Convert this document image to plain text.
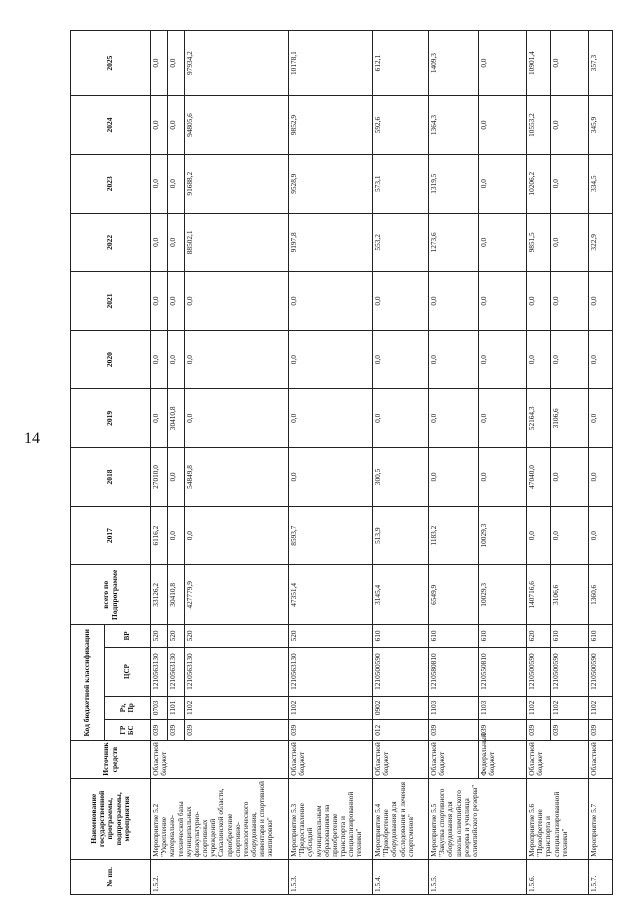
14
№ пп.	Наименование государственной программы, подпрограммы, мероприятия	Источник средств	Код бюджетной классификации				всего по Подпрограмме	2017	2018	2019	2020	2021	2022	2023	2024	2025
			ГР БС	Рз, Пр	ЦСР	ВР										
1.5.2.	Мероприятие 5.2 "Укрепление материально-технической базы муниципальных физкультурно-спортивных учреждений Сахалинской области, приобретение спортивно-технологического оборудования, инвентаря и спортивной экипировки"	Областной бюджет	039	0703	1210563130	520	33126,2	6116,2	27010,0	0,0	0,0	0,0	0,0	0,0	0,0	0,0
			039	1101	1210563130	520	30410,8	0,0	0,0	30410,8	0,0	0,0	0,0	0,0	0,0	0,0
			039	1102	1210563130	520	427779,9	0,0	54849,8	0,0	0,0	0,0	88502,1	91688,2	94805,6	97934,2
1.5.3.	Мероприятие 5.3 "Предоставление субсидий муниципальным образованиям на приобретение транспорта и специализированной техники"	Областной бюджет	039	1102	1210563130	520	47351,4	8593,7	0,0	0,0	0,0	0,0	9197,8	9528,9	9852,9	10178,1
1.5.4.	Мероприятие 5.4 "Приобретение оборудования для обследования и лечения спортсменов"	Областной бюджет	012	0902	1210500590	610	3145,4	513,9	300,5	0,0	0,0	0,0	553,2	573,1	592,6	612,1
1.5.5.	Мероприятие 5.5 "Закупка спортивного оборудования для школы олимпийского резерва и училища олимпийского резерва"	Областной бюджет	039	1103	1210580810	610	6549,9	1183,2	0,0	0,0	0,0	0,0	1273,6	1319,5	1364,3	1409,3
		Федеральный бюджет	039	1103	1210550810	610	10029,3	10029,3	0,0	0,0	0,0	0,0	0,0	0,0	0,0	0,0
1.5.6.	Мероприятие 5.6 "Приобретение транспорта и специализированной техники"	Областной бюджет	039	1102	1210500590	620	140716,6	0,0	47040,0	52164,3	0,0	0,0	9851,5	10206,2	10553,2	10901,4
			039	1102	1210500590	610	3106,6	0,0	0,0	3106,6	0,0	0,0	0,0	0,0	0,0	0,0
1.5.7.	Мероприятие 5.7	Областной	039	1102	1210500590	610	1360,6	0,0	0,0	0,0	0,0	0,0	322,9	334,5	345,9	357,3
